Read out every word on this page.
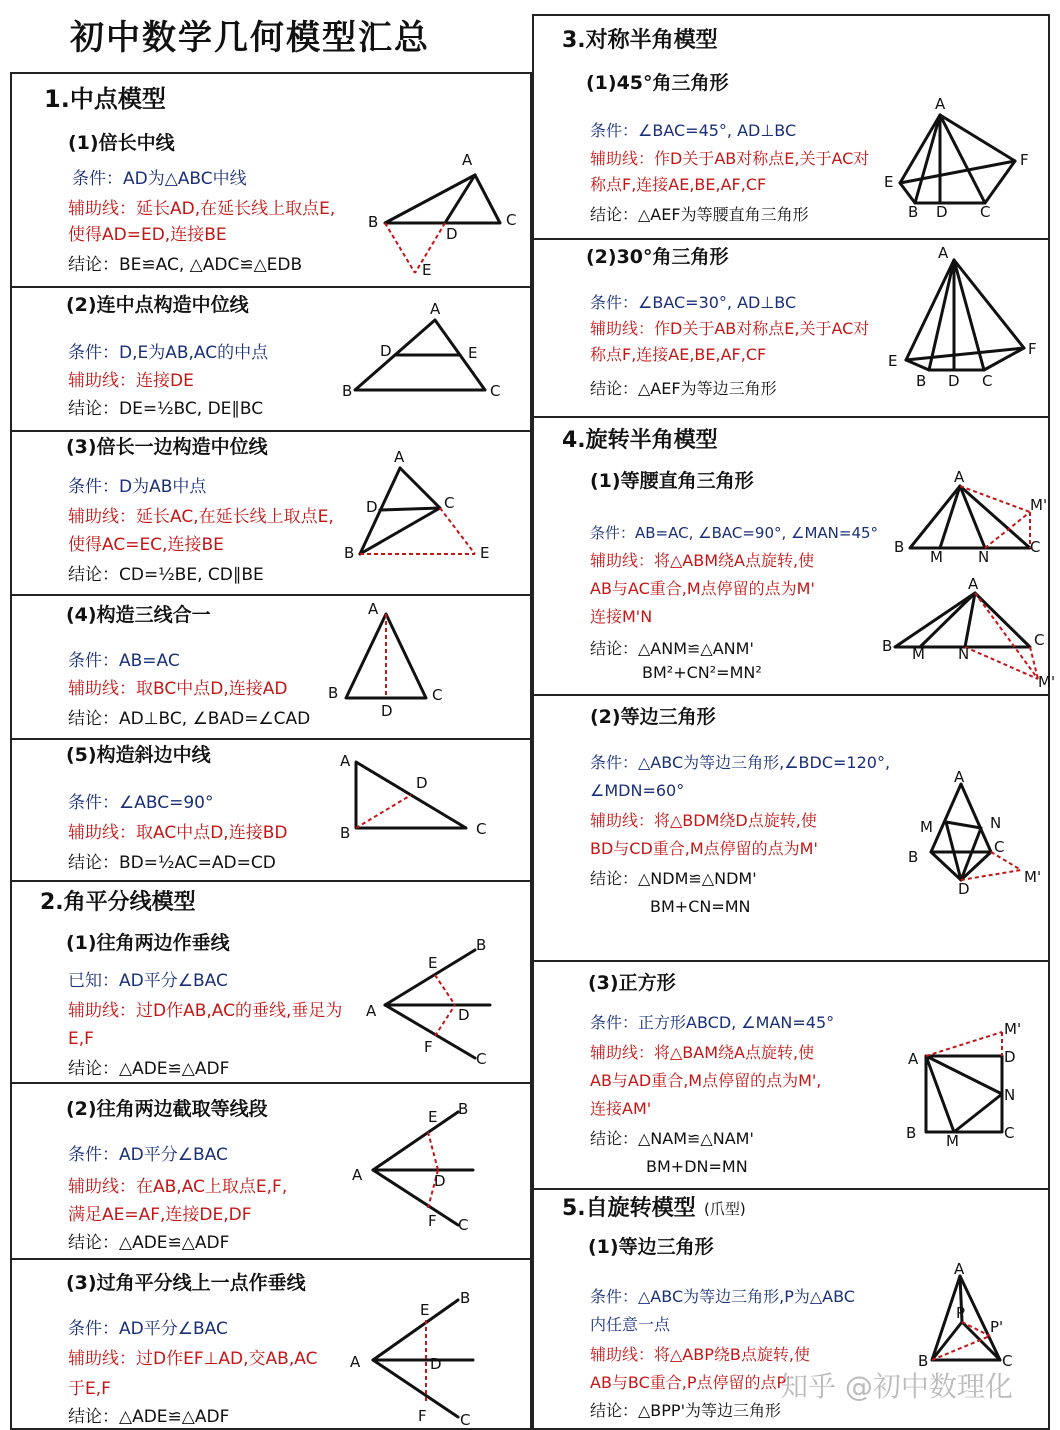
初中数学几何模型汇总
1.中点模型
(1)倍长中线
条件：AD为△ABC中线
辅助线：延长AD,在延长线上取点E,
使得AD=ED,连接BE
结论：BE≌AC, △ADC≌△EDB
(2)连中点构造中位线
条件：D,E为AB,AC的中点
辅助线：连接DE
结论：DE=½BC, DE∥BC
(3)倍长一边构造中位线
条件：D为AB中点
辅助线：延长AC,在延长线上取点E,
使得AC=EC,连接BE
结论：CD=½BE, CD∥BE
(4)构造三线合一
条件：AB=AC
辅助线：取BC中点D,连接AD
结论：AD⊥BC, ∠BAD=∠CAD
(5)构造斜边中线
条件：∠ABC=90°
辅助线：取AC中点D,连接BD
结论：BD=½AC=AD=CD
2.角平分线模型
(1)往角两边作垂线
已知：AD平分∠BAC
辅助线：过D作AB,AC的垂线,垂足为
E,F
结论：△ADE≌△ADF
(2)往角两边截取等线段
条件：AD平分∠BAC
辅助线：在AB,AC上取点E,F,
满足AE=AF,连接DE,DF
结论：△ADE≌△ADF
(3)过角平分线上一点作垂线
条件：AD平分∠BAC
辅助线：过D作EF⊥AD,交AB,AC
于E,F
结论：△ADE≌△ADF
3.对称半角模型
(1)45°角三角形
条件：∠BAC=45°, AD⊥BC
辅助线：作D关于AB对称点E,关于AC对
称点F,连接AE,BE,AF,CF
结论：△AEF为等腰直角三角形
(2)30°角三角形
条件：∠BAC=30°, AD⊥BC
辅助线：作D关于AB对称点E,关于AC对
称点F,连接AE,BE,AF,CF
结论：△AEF为等边三角形
4.旋转半角模型
(1)等腰直角三角形
条件：AB=AC, ∠BAC=90°, ∠MAN=45°
辅助线：将△ABM绕A点旋转,使
AB与AC重合,M点停留的点为M'
连接M'N
结论：△ANM≌△ANM'
BM²+CN²=MN²
(2)等边三角形
条件：△ABC为等边三角形,∠BDC=120°,
∠MDN=60°
辅助线：将△BDM绕D点旋转,使
BD与CD重合,M点停留的点为M'
结论：△NDM≌△NDM'
BM+CN=MN
(3)正方形
条件：正方形ABCD, ∠MAN=45°
辅助线：将△BAM绕A点旋转,使
AB与AD重合,M点停留的点为M',
连接AM'
结论：△NAM≌△NAM'
BM+DN=MN
5.自旋转模型 (爪型)
(1)等边三角形
条件：△ABC为等边三角形,P为△ABC
内任意一点
辅助线：将△ABP绕B点旋转,使
AB与BC重合,P点停留的点P'
结论：△BPP'为等边三角形
知乎 @初中数理化
A
B	C
D
E
A
B	C
D	E
A
B
C
D
E
A
B	C
D
A
B	C
D
A
B
C
D
E
F
A
B
C
D
E
F
A
B
C
D
E
F
A
B D C
E
F
A
B D C
E
F
A
B
M N
C
M'
A
B M N
C
M'
A
B
C
D
M	N
M'
A
B	C
D
M
N
M'
A
B	C
P
P'
